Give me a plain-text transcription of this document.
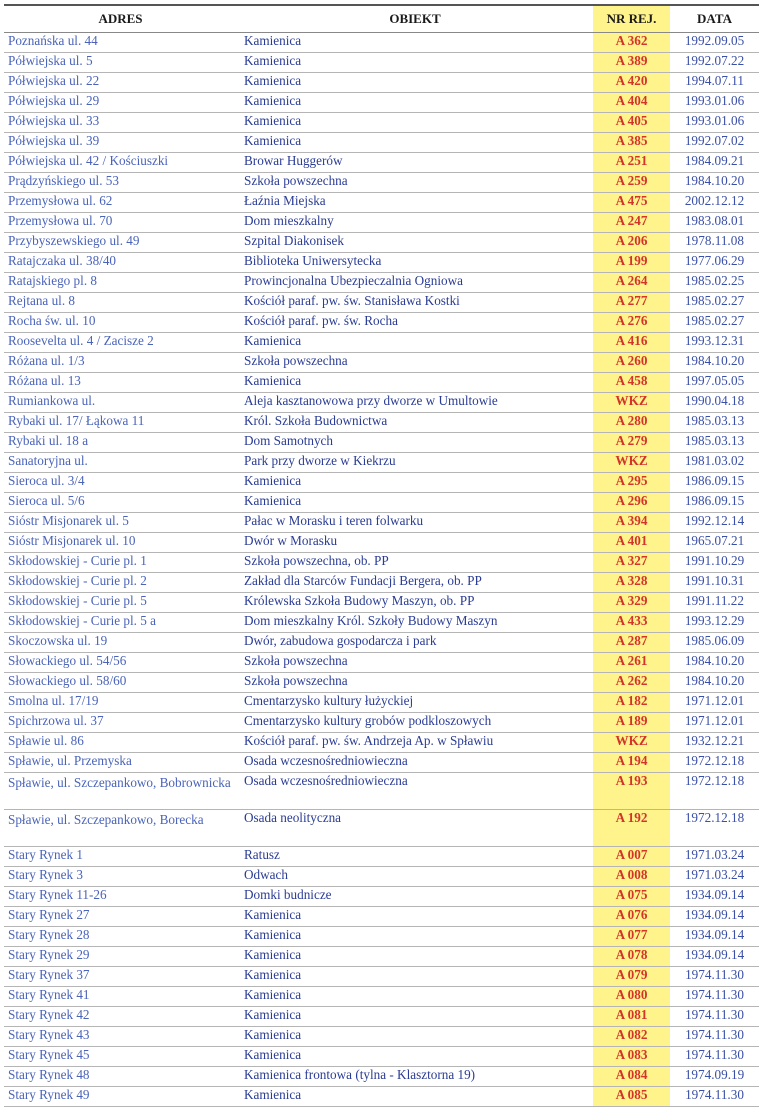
ADRES	OBIEKT	NR REJ.	DATA
Poznańska ul. 44	Kamienica	A 362	1992.09.05
Półwiejska ul. 5	Kamienica	A 389	1992.07.22
Półwiejska ul. 22	Kamienica	A 420	1994.07.11
Półwiejska ul. 29	Kamienica	A 404	1993.01.06
Półwiejska ul. 33	Kamienica	A 405	1993.01.06
Półwiejska ul. 39	Kamienica	A 385	1992.07.02
Półwiejska ul. 42 / Kościuszki	Browar Huggerów	A 251	1984.09.21
Prądzyńskiego ul. 53	Szkoła powszechna	A 259	1984.10.20
Przemysłowa ul. 62	Łaźnia Miejska	A 475	2002.12.12
Przemysłowa ul. 70	Dom mieszkalny	A 247	1983.08.01
Przybyszewskiego ul. 49	Szpital Diakonisek	A 206	1978.11.08
Ratajczaka ul. 38/40	Biblioteka Uniwersytecka	A 199	1977.06.29
Ratajskiego pl. 8	Prowincjonalna Ubezpieczalnia Ogniowa	A 264	1985.02.25
Rejtana ul. 8	Kościół paraf. pw. św. Stanisława Kostki	A 277	1985.02.27
Rocha św. ul. 10	Kościół paraf. pw. św. Rocha	A 276	1985.02.27
Roosevelta ul. 4 / Zacisze 2	Kamienica	A 416	1993.12.31
Różana ul. 1/3	Szkoła powszechna	A 260	1984.10.20
Różana ul. 13	Kamienica	A 458	1997.05.05
Rumiankowa ul.	Aleja kasztanowowa przy dworze w Umultowie	WKZ	1990.04.18
Rybaki ul. 17/ Łąkowa 11	Król. Szkoła Budownictwa	A 280	1985.03.13
Rybaki ul. 18 a	Dom Samotnych	A 279	1985.03.13
Sanatoryjna ul.	Park przy dworze w Kiekrzu	WKZ	1981.03.02
Sieroca ul. 3/4	Kamienica	A 295	1986.09.15
Sieroca ul. 5/6	Kamienica	A 296	1986.09.15
Sióstr Misjonarek ul. 5	Pałac w Morasku i teren folwarku	A 394	1992.12.14
Sióstr Misjonarek ul. 10	Dwór w Morasku	A 401	1965.07.21
Skłodowskiej - Curie pl. 1	Szkoła powszechna, ob. PP	A 327	1991.10.29
Skłodowskiej - Curie pl. 2	Zakład dla Starców Fundacji Bergera, ob. PP	A 328	1991.10.31
Skłodowskiej - Curie pl. 5	Królewska Szkoła Budowy Maszyn, ob. PP	A 329	1991.11.22
Skłodowskiej - Curie pl. 5 a	Dom mieszkalny Król. Szkoły Budowy Maszyn	A 433	1993.12.29
Skoczowska ul. 19	Dwór, zabudowa gospodarcza i park	A 287	1985.06.09
Słowackiego ul. 54/56	Szkoła powszechna	A 261	1984.10.20
Słowackiego ul. 58/60	Szkoła powszechna	A 262	1984.10.20
Smolna ul. 17/19	Cmentarzysko kultury łużyckiej	A 182	1971.12.01
Spichrzowa ul. 37	Cmentarzysko kultury grobów podkloszowych	A 189	1971.12.01
Spławie ul. 86	Kościół paraf. pw. św. Andrzeja Ap. w Spławiu	WKZ	1932.12.21
Spławie, ul. Przemyska	Osada wczesnośredniowieczna	A 194	1972.12.18
Spławie, ul. Szczepankowo, Bobrownicka	Osada wczesnośredniowieczna	A 193	1972.12.18
Spławie, ul. Szczepankowo, Borecka	Osada neolityczna	A 192	1972.12.18
Stary Rynek 1	Ratusz	A 007	1971.03.24
Stary Rynek 3	Odwach	A 008	1971.03.24
Stary Rynek 11-26	Domki budnicze	A 075	1934.09.14
Stary Rynek 27	Kamienica	A 076	1934.09.14
Stary Rynek 28	Kamienica	A 077	1934.09.14
Stary Rynek 29	Kamienica	A 078	1934.09.14
Stary Rynek 37	Kamienica	A 079	1974.11.30
Stary Rynek 41	Kamienica	A 080	1974.11.30
Stary Rynek 42	Kamienica	A 081	1974.11.30
Stary Rynek 43	Kamienica	A 082	1974.11.30
Stary Rynek 45	Kamienica	A 083	1974.11.30
Stary Rynek 48	Kamienica frontowa (tylna - Klasztorna 19)	A 084	1974.09.19
Stary Rynek 49	Kamienica	A 085	1974.11.30
